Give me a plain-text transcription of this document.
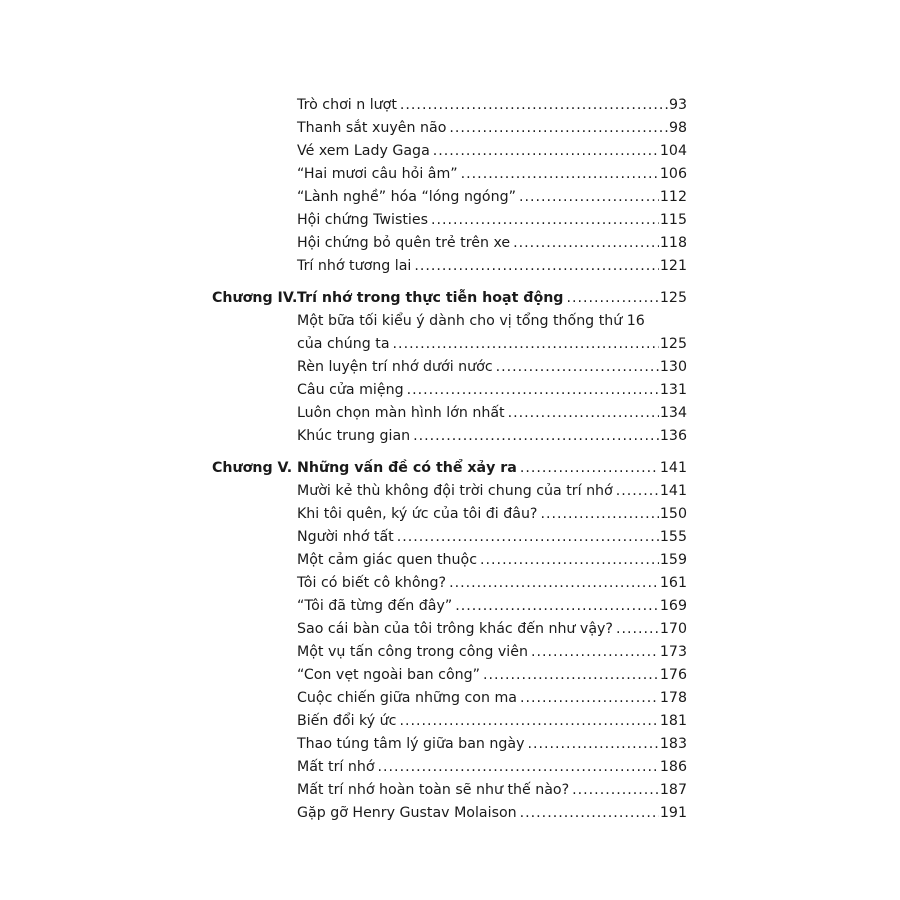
Trò chơi n lượt .....	93
Thanh sắt xuyên não .....	98
Vé xem Lady Gaga .....	104
“Hai mươi câu hỏi âm” .....	106
“Lành nghề” hóa “lóng ngóng” .....	112
Hội chứng Twisties .....	115
Hội chứng bỏ quên trẻ trên xe .....	118
Trí nhớ tương lai .....	121
Chương IV. Trí nhớ trong thực tiễn hoạt động .....	125
Một bữa tối kiểu ý dành cho vị tổng thống thứ 16
của chúng ta .....	125
Rèn luyện trí nhớ dưới nước .....	130
Câu cửa miệng .....	131
Luôn chọn màn hình lớn nhất .....	134
Khúc trung gian .....	136
Chương V. Những vấn đề có thể xảy ra .....	141
Mười kẻ thù không đội trời chung của trí nhớ .....	141
Khi tôi quên, ký ức của tôi đi đâu? .....	150
Người nhớ tất .....	155
Một cảm giác quen thuộc .....	159
Tôi có biết cô không? .....	161
“Tôi đã từng đến đây” .....	169
Sao cái bàn của tôi trông khác đến như vậy? .....	170
Một vụ tấn công trong công viên .....	173
“Con vẹt ngoài ban công” .....	176
Cuộc chiến giữa những con ma .....	178
Biến đổi ký ức .....	181
Thao túng tâm lý giữa ban ngày .....	183
Mất trí nhớ .....	186
Mất trí nhớ hoàn toàn sẽ như thế nào? .....	187
Gặp gỡ Henry Gustav Molaison .....	191
